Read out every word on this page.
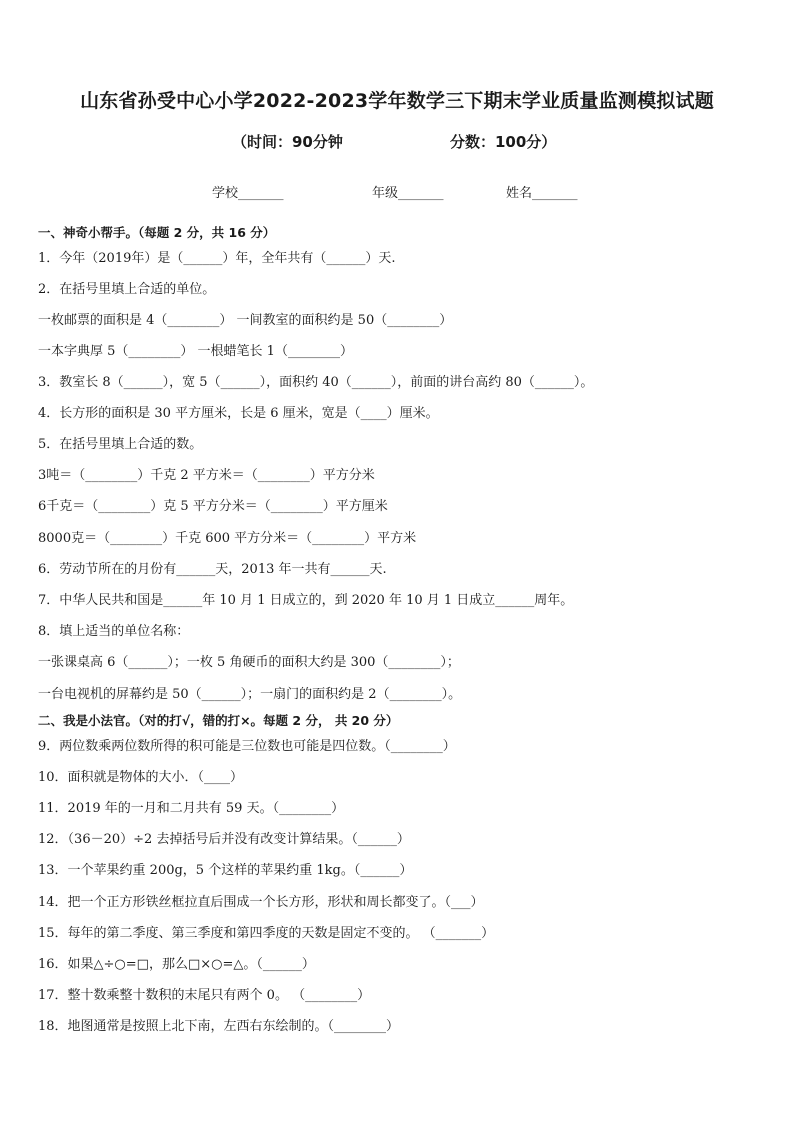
山东省孙受中心小学2022-2023学年数学三下期末学业质量监测模拟试题
（时间：90分钟	分数：100分）
学校_______	年级_______	姓名_______
一、神奇小帮手。（每题 2 分，共 16 分）
1．今年（2019年）是（______）年，全年共有（______）天.
2．在括号里填上合适的单位。
一枚邮票的面积是 4（________） 一间教室的面积约是 50（________）
一本字典厚 5（________） 一根蜡笔长 1（________）
3．教室长 8（______），宽 5（______），面积约 40（______），前面的讲台高约 80（______）。
4．长方形的面积是 30 平方厘米，长是 6 厘米，宽是（____）厘米。
5．在括号里填上合适的数。
3吨＝（________）千克 2 平方米＝（________）平方分米
6千克＝（________）克 5 平方分米＝（________）平方厘米
8000克＝（________）千克 600 平方分米＝（________）平方米
6．劳动节所在的月份有______天，2013 年一共有______天.
7．中华人民共和国是______年 10 月 1 日成立的，到 2020 年 10 月 1 日成立______周年。
8．填上适当的单位名称：
一张课桌高 6（______）；一枚 5 角硬币的面积大约是 300（________）；
一台电视机的屏幕约是 50（______）；一扇门的面积约是 2（________）。
二、我是小法官。（对的打√，错的打×。每题 2 分， 共 20 分）
9．两位数乘两位数所得的积可能是三位数也可能是四位数。（________）
10．面积就是物体的大小．（____）
11．2019 年的一月和二月共有 59 天。（________）
12．（36－20）÷2 去掉括号后并没有改变计算结果。（______）
13．一个苹果约重 200g，5 个这样的苹果约重 1kg。（______）
14．把一个正方形铁丝框拉直后围成一个长方形，形状和周长都变了。（___）
15．每年的第二季度、第三季度和第四季度的天数是固定不变的。 （_______）
16．如果△÷○=□，那么□×○=△。（______）
17．整十数乘整十数积的末尾只有两个 0。 （________）
18．地图通常是按照上北下南，左西右东绘制的。（________）
